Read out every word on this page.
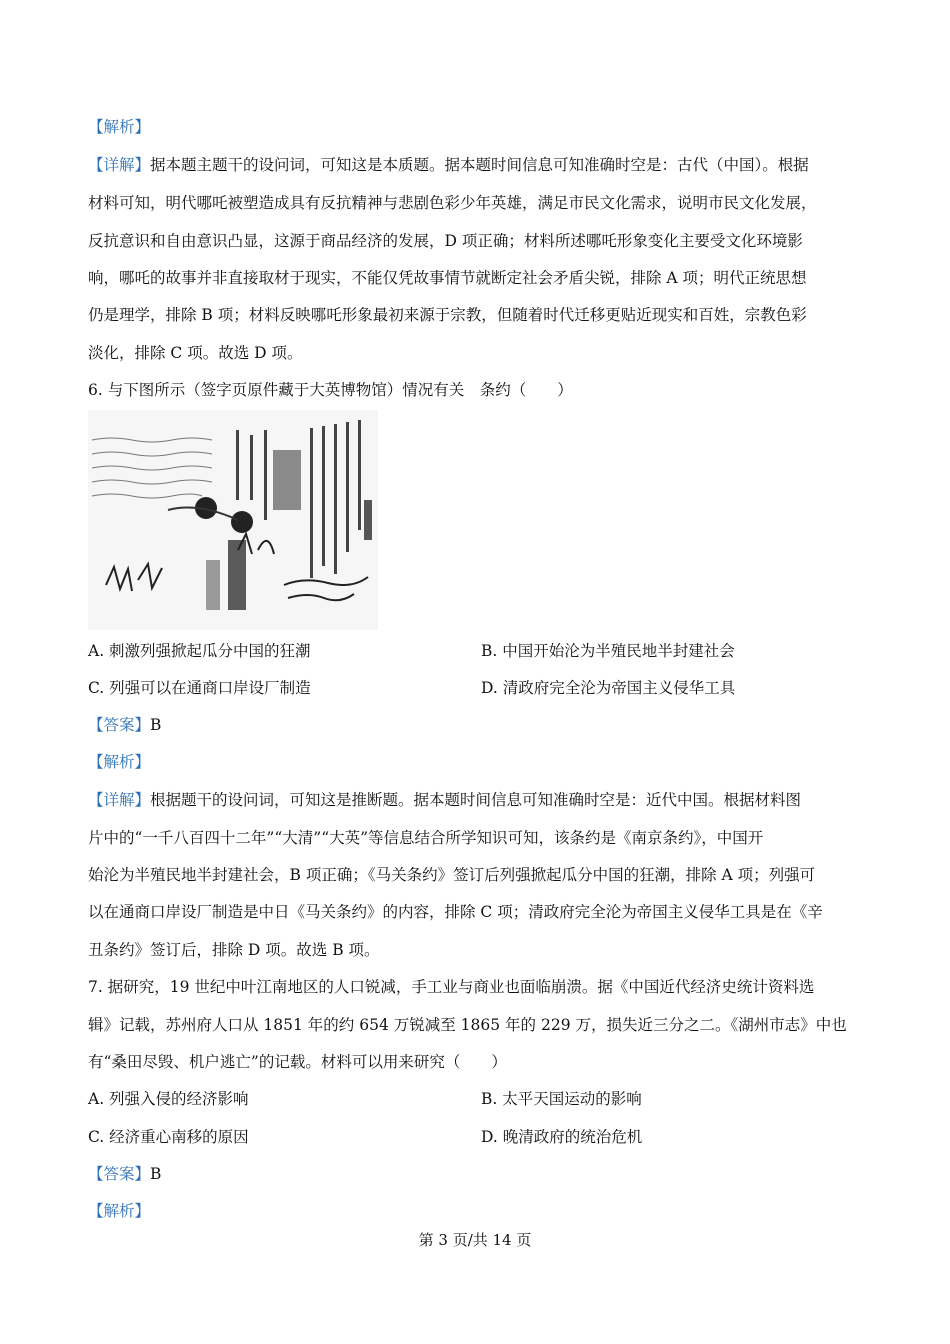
【解析】
【详解】据本题主题干的设问词，可知这是本质题。据本题时间信息可知准确时空是：古代（中国）。根据
材料可知，明代哪吒被塑造成具有反抗精神与悲剧色彩少年英雄，满足市民文化需求，说明市民文化发展，
反抗意识和自由意识凸显，这源于商品经济的发展，D 项正确；材料所述哪吒形象变化主要受文化环境影
响，哪吒的故事并非直接取材于现实，不能仅凭故事情节就断定社会矛盾尖锐，排除 A 项；明代正统思想
仍是理学，排除 B 项；材料反映哪吒形象最初来源于宗教，但随着时代迁移更贴近现实和百姓，宗教色彩
淡化，排除 C 项。故选 D 项。
6. 与下图所示（签字页原件藏于大英博物馆）情况有关　条约（　　）
A. 刺激列强掀起瓜分中国的狂潮	B. 中国开始沦为半殖民地半封建社会
C. 列强可以在通商口岸设厂制造	D. 清政府完全沦为帝国主义侵华工具
【答案】B
【解析】
【详解】根据题干的设问词，可知这是推断题。据本题时间信息可知准确时空是：近代中国。根据材料图
片中的“一千八百四十二年”“大清”“大英”等信息结合所学知识可知，该条约是《南京条约》，中国开
始沦为半殖民地半封建社会，B 项正确；《马关条约》签订后列强掀起瓜分中国的狂潮，排除 A 项；列强可
以在通商口岸设厂制造是中日《马关条约》的内容，排除 C 项；清政府完全沦为帝国主义侵华工具是在《辛
丑条约》签订后，排除 D 项。故选 B 项。
7. 据研究，19 世纪中叶江南地区的人口锐减，手工业与商业也面临崩溃。据《中国近代经济史统计资料选
辑》记载，苏州府人口从 1851 年的约 654 万锐减至 1865 年的 229 万，损失近三分之二。《湖州市志》中也
有“桑田尽毁、机户逃亡”的记载。材料可以用来研究（　　）
A. 列强入侵的经济影响	B. 太平天国运动的影响
C. 经济重心南移的原因	D. 晚清政府的统治危机
【答案】B
【解析】
第 3 页/共 14 页
